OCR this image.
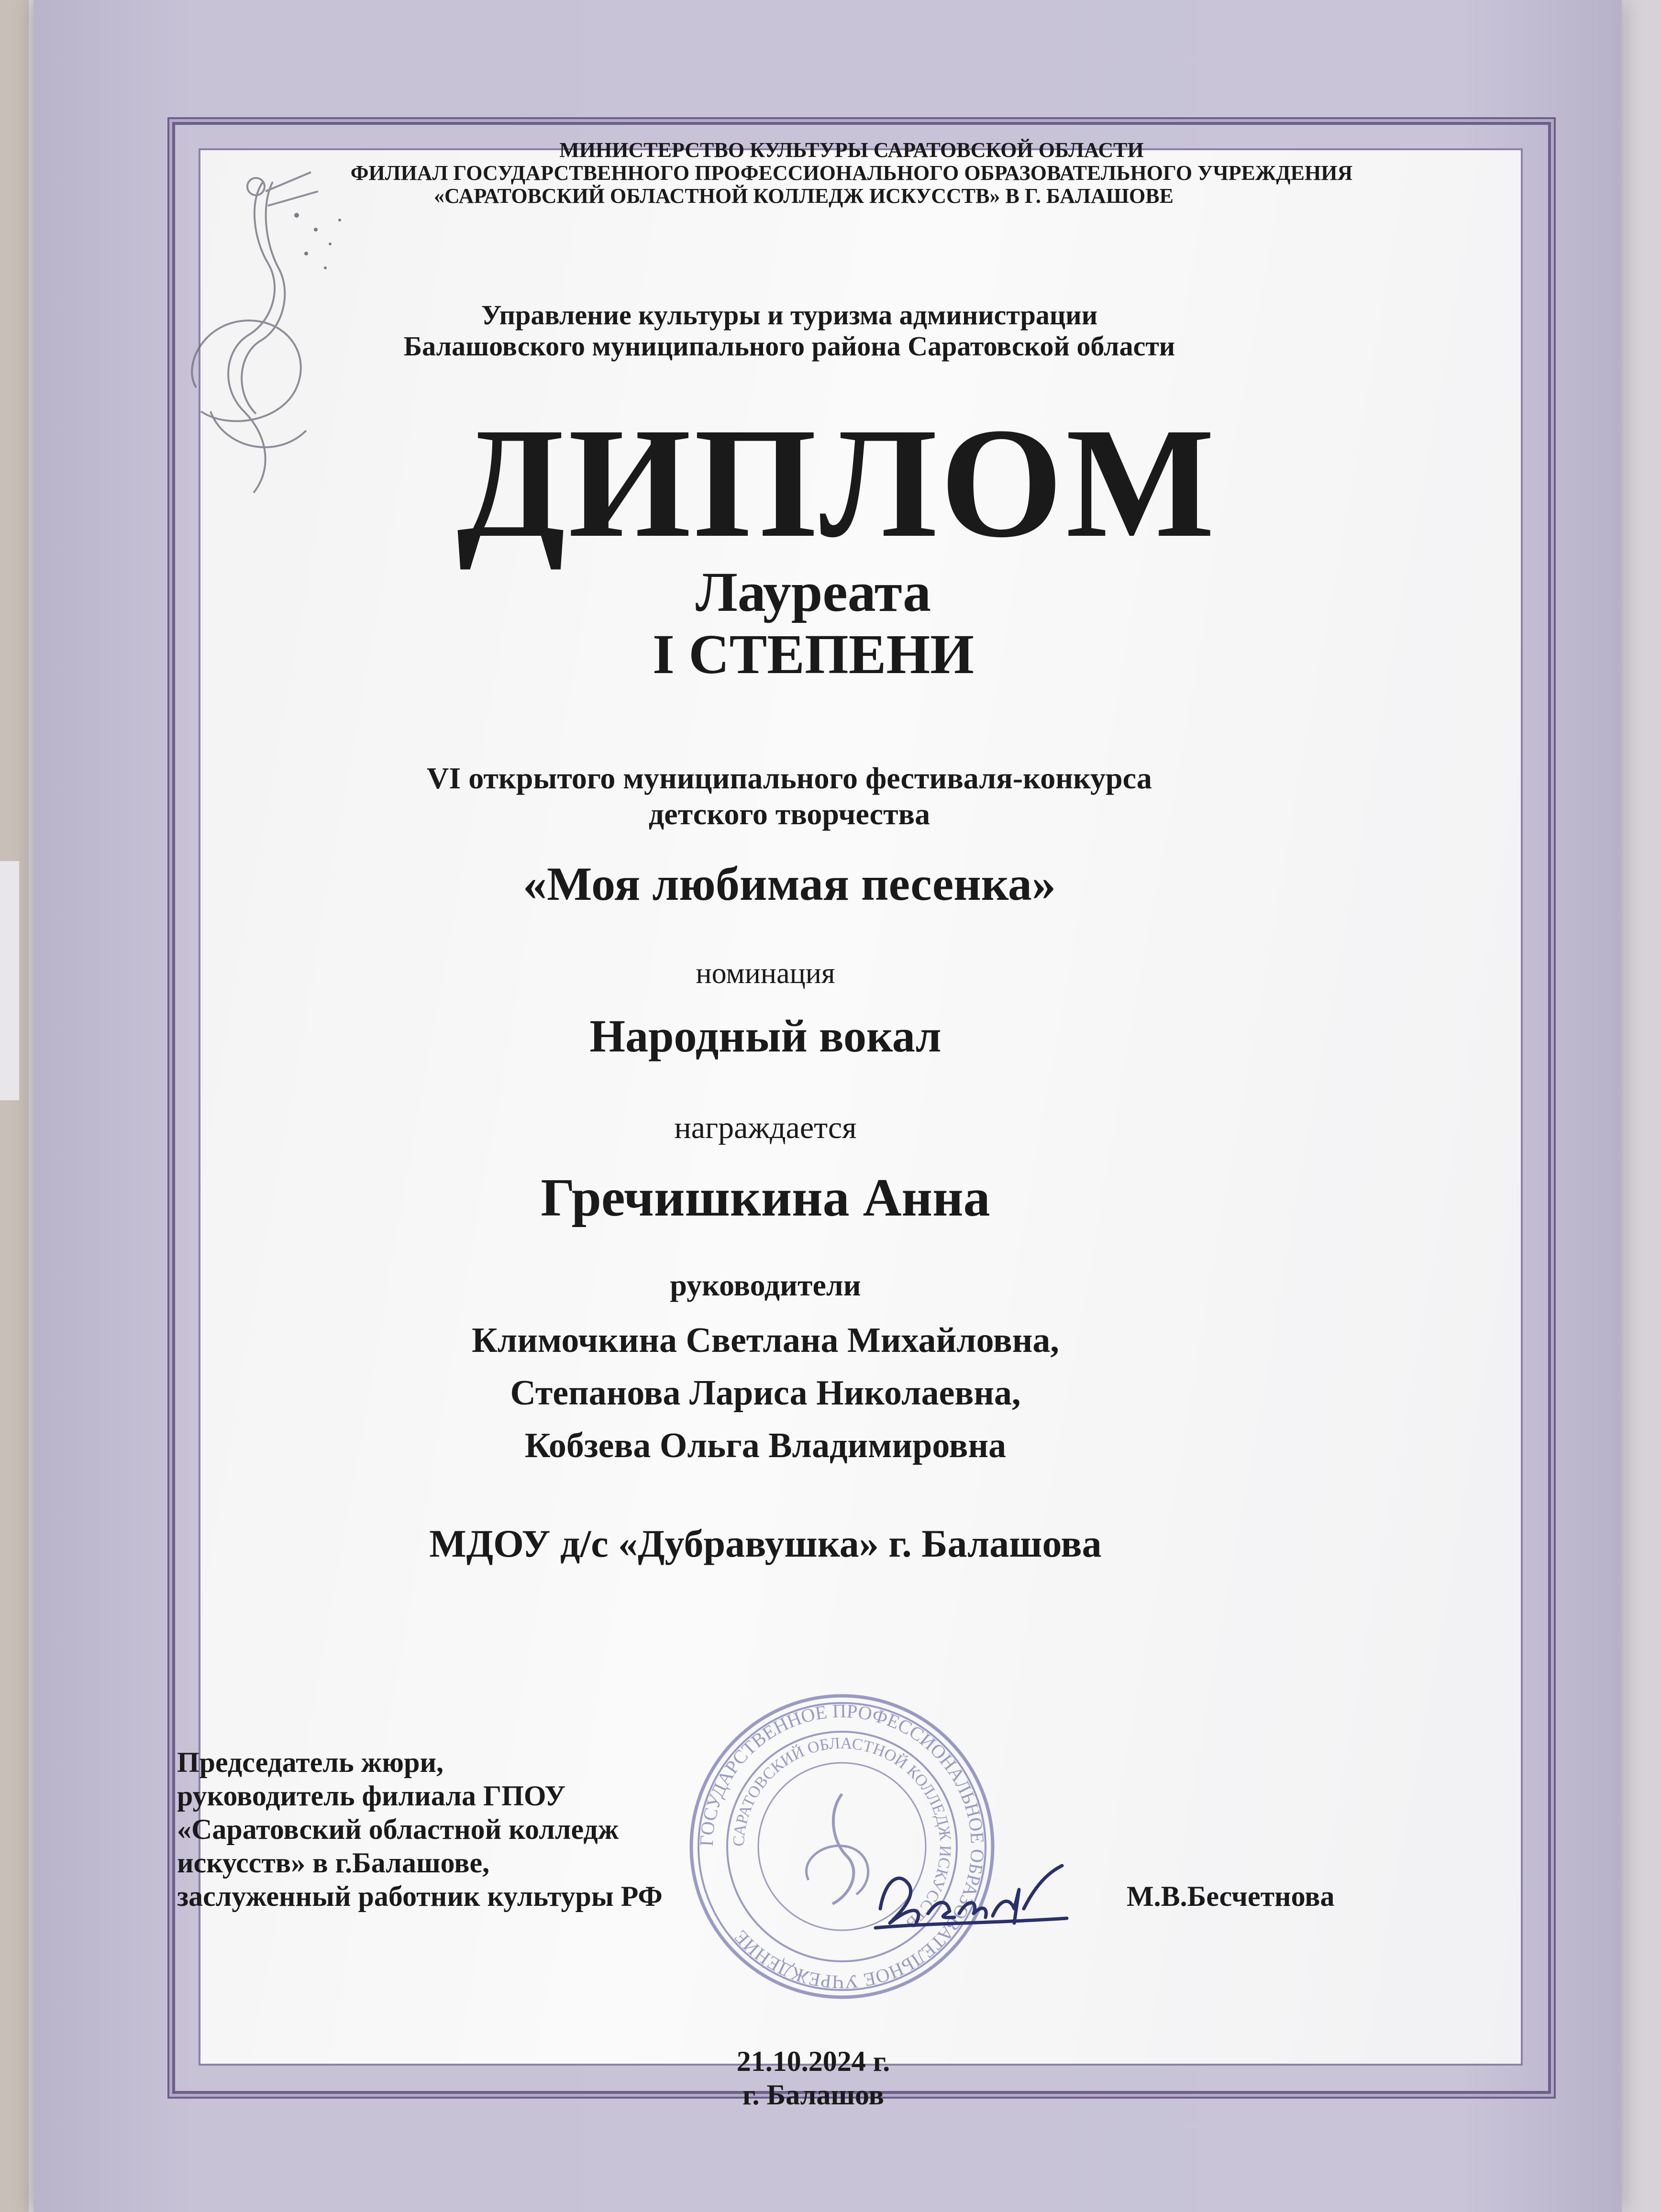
МИНИСТЕРСТВО КУЛЬТУРЫ САРАТОВСКОЙ ОБЛАСТИ
ФИЛИАЛ ГОСУДАРСТВЕННОГО ПРОФЕССИОНАЛЬНОГО ОБРАЗОВАТЕЛЬНОГО УЧРЕЖДЕНИЯ
«САРАТОВСКИЙ ОБЛАСТНОЙ КОЛЛЕДЖ ИСКУССТВ» В Г. БАЛАШОВЕ
Управление культуры и туризма администрации
Балашовского муниципального района Саратовской области
ДИПЛОМ
Лауреата
I СТЕПЕНИ
VI открытого муниципального фестиваля-конкурса
детского творчества
«Моя любимая песенка»
номинация
Народный вокал
награждается
Гречишкина Анна
руководители
Климочкина Светлана Михайловна,
Степанова Лариса Николаевна,
Кобзева Ольга Владимировна
МДОУ д/с «Дубравушка» г. Балашова
ГОСУДАРСТВЕННОЕ ПРОФЕССИОНАЛЬНОЕ ОБРАЗОВАТЕЛЬНОЕ УЧРЕЖДЕНИЕ
САРАТОВСКИЙ ОБЛАСТНОЙ КОЛЛЕДЖ ИСКУССТВ
Председатель жюри,
руководитель филиала ГПОУ
«Саратовский областной колледж
искусств» в г.Балашове,
заслуженный работник культуры РФ	М.В.Бесчетнова
21.10.2024 г.
г. Балашов
